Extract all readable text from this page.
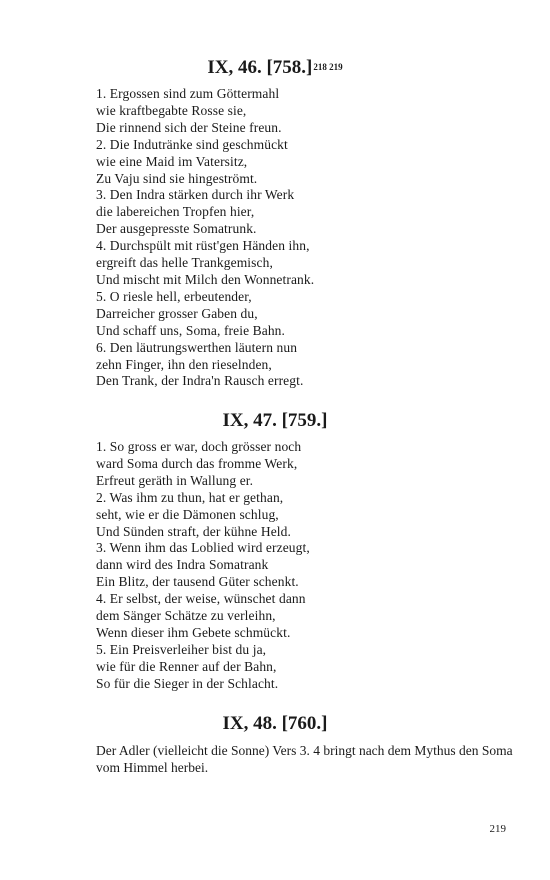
IX, 46. $[758.]^{218 219}$
1. Ergossen sind zum Göttermahl
wie kraftbegabte Rosse sie,
Die rinnend sich der Steine freun.
2. Die Indutränke sind geschmückt
wie eine Maid im Vatersitz,
Zu Vaju sind sie hingeströmt.
3. Den Indra stärken durch ihr Werk
die labereichen Tropfen hier,
Der ausgepresste Somatrunk.
4. Durchspült mit rüst'gen Händen ihn,
ergreift das helle Trankgemisch,
Und mischt mit Milch den Wonnetrank.
5. O riesle hell, erbeutender,
Darreicher grosser Gaben du,
Und schaff uns, Soma, freie Bahn.
6. Den läutrungswerthen läutern nun
zehn Finger, ihn den rieselnden,
Den Trank, der Indra'n Rausch erregt.
IX, 47. [759.]
1. So gross er war, doch grösser noch
ward Soma durch das fromme Werk,
Erfreut geräth in Wallung er.
2. Was ihm zu thun, hat er gethan,
seht, wie er die Dämonen schlug,
Und Sünden straft, der kühne Held.
3. Wenn ihm das Loblied wird erzeugt,
dann wird des Indra Somatrank
Ein Blitz, der tausend Güter schenkt.
4. Er selbst, der weise, wünschet dann
dem Sänger Schätze zu verleihn,
Wenn dieser ihm Gebete schmückt.
5. Ein Preisverleiher bist du ja,
wie für die Renner auf der Bahn,
So für die Sieger in der Schlacht.
IX, 48. [760.]

Der Adler (vielleicht die Sonne) Vers 3. 4 bringt nach dem Mythus den Soma vom Himmel herbei.

219
